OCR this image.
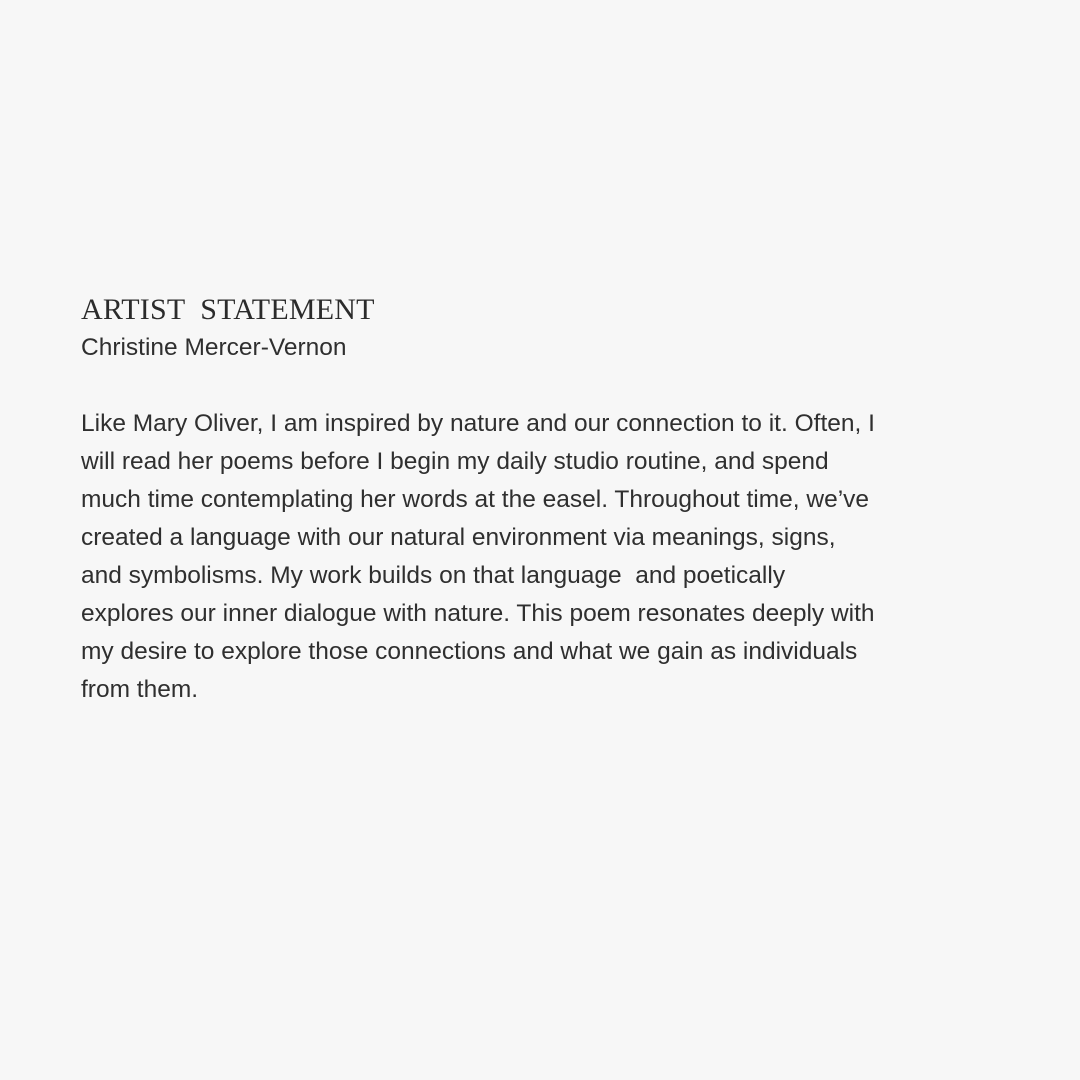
ARTIST  STATEMENT
Christine Mercer-Vernon
Like Mary Oliver, I am inspired by nature and our connection to it. Often, I
will read her poems before I begin my daily studio routine, and spend
much time contemplating her words at the easel. Throughout time, we’ve
created a language with our natural environment via meanings, signs,
and symbolisms. My work builds on that language  and poetically
explores our inner dialogue with nature. This poem resonates deeply with
my desire to explore those connections and what we gain as individuals
from them.
